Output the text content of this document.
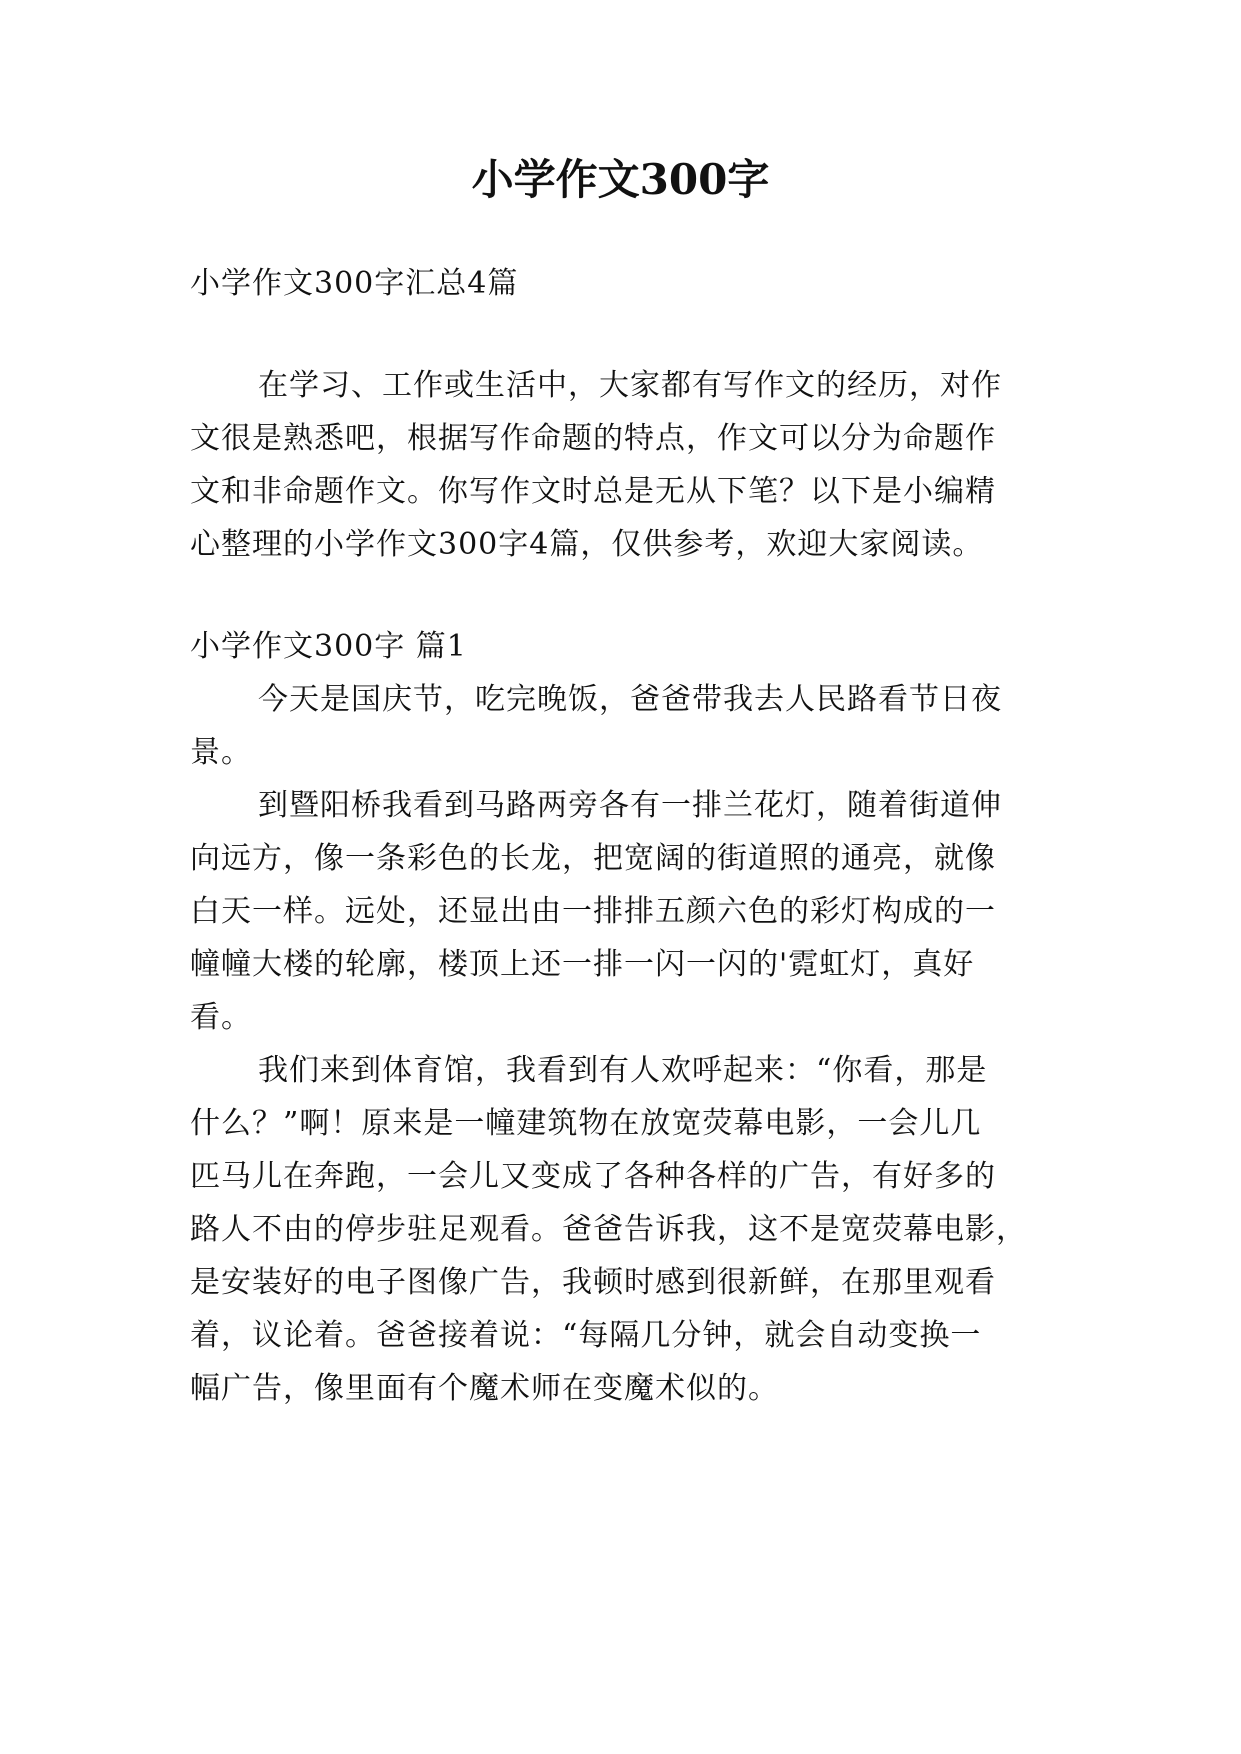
小学作文300字
小学作文300字汇总4篇
在学习、工作或生活中，大家都有写作文的经历，对作
文很是熟悉吧，根据写作命题的特点，作文可以分为命题作
文和非命题作文。你写作文时总是无从下笔？以下是小编精
心整理的小学作文300字4篇，仅供参考，欢迎大家阅读。
小学作文300字 篇1
今天是国庆节，吃完晚饭，爸爸带我去人民路看节日夜
景。
到暨阳桥我看到马路两旁各有一排兰花灯，随着街道伸
向远方，像一条彩色的长龙，把宽阔的街道照的通亮，就像
白天一样。远处，还显出由一排排五颜六色的彩灯构成的一
幢幢大楼的轮廓，楼顶上还一排一闪一闪的'霓虹灯，真好
看。
我们来到体育馆，我看到有人欢呼起来：“你看，那是
什么？”啊！原来是一幢建筑物在放宽荧幕电影，一会儿几
匹马儿在奔跑，一会儿又变成了各种各样的广告，有好多的
路人不由的停步驻足观看。爸爸告诉我，这不是宽荧幕电影，
是安装好的电子图像广告，我顿时感到很新鲜，在那里观看
着，议论着。爸爸接着说：“每隔几分钟，就会自动变换一
幅广告，像里面有个魔术师在变魔术似的。
